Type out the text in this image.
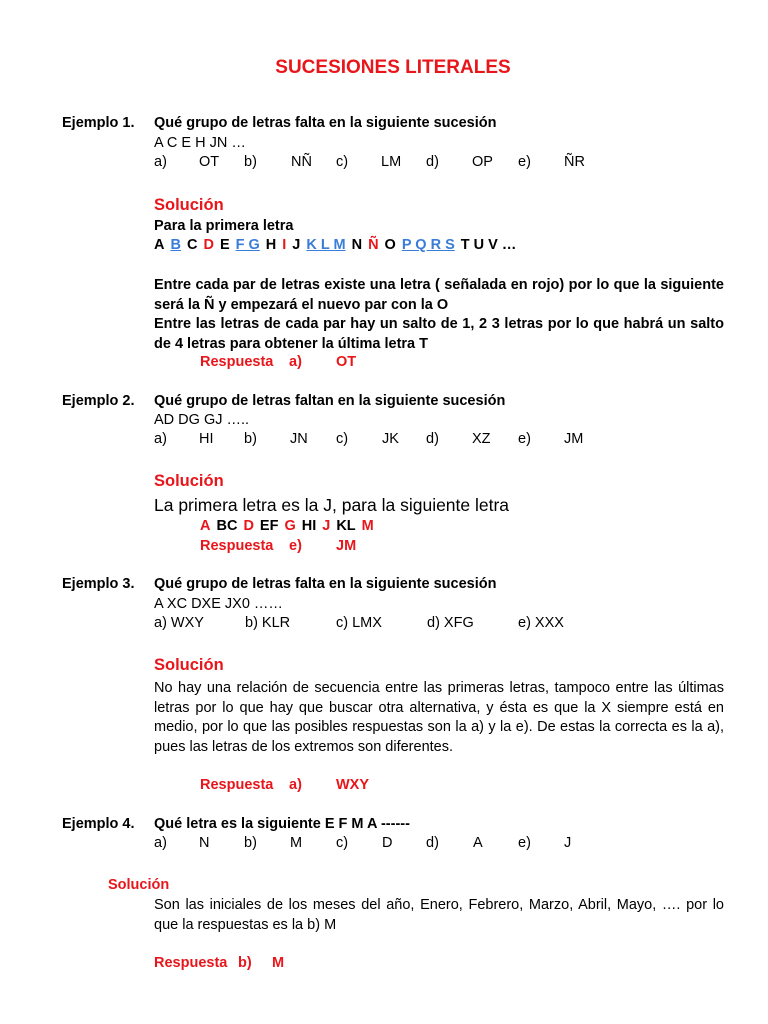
SUCESIONES LITERALES
Ejemplo 1. Qué grupo de letras falta en la siguiente sucesión
A C E H JN …
a) OT b) NÑ c) LM d) OP e) ÑR
Solución
Para la primera letra
A B C D E F G H I J K L M N Ñ O P Q R S T U V …
Entre cada par de letras existe una letra ( señalada en rojo) por lo que la siguiente será la Ñ y empezará el nuevo par con la O
Entre las letras de cada par hay un salto de 1, 2 3 letras por lo que habrá un salto de 4 letras para obtener la última letra T
Respuesta a) OT
Ejemplo 2. Qué grupo de letras faltan en la siguiente sucesión
AD DG GJ …..
a) HI b) JN c) JK d) XZ e) JM
Solución
La primera letra es la J, para la siguiente letra
A BC D EF G HI J KL M
Respuesta e) JM
Ejemplo 3. Qué grupo de letras falta en la siguiente sucesión
A XC DXE JX0 ……
a) WXY	b) KLR	c) LMX	d) XFG	e) XXX
Solución
No hay una relación de secuencia entre las primeras letras, tampoco entre las últimas letras por lo que hay que buscar otra alternativa, y ésta es que la X siempre está en medio, por lo que las posibles respuestas son la a) y la e). De estas la correcta es la a), pues las letras de los extremos son diferentes.
Respuesta a) WXY
Ejemplo 4. Qué letra es la siguiente E F M A ------
a) N b) M c) D d) A e) J
Solución
Son las iniciales de los meses del año, Enero, Febrero, Marzo, Abril, Mayo, …. por lo que la respuestas es la b) M
Respuesta b) M
